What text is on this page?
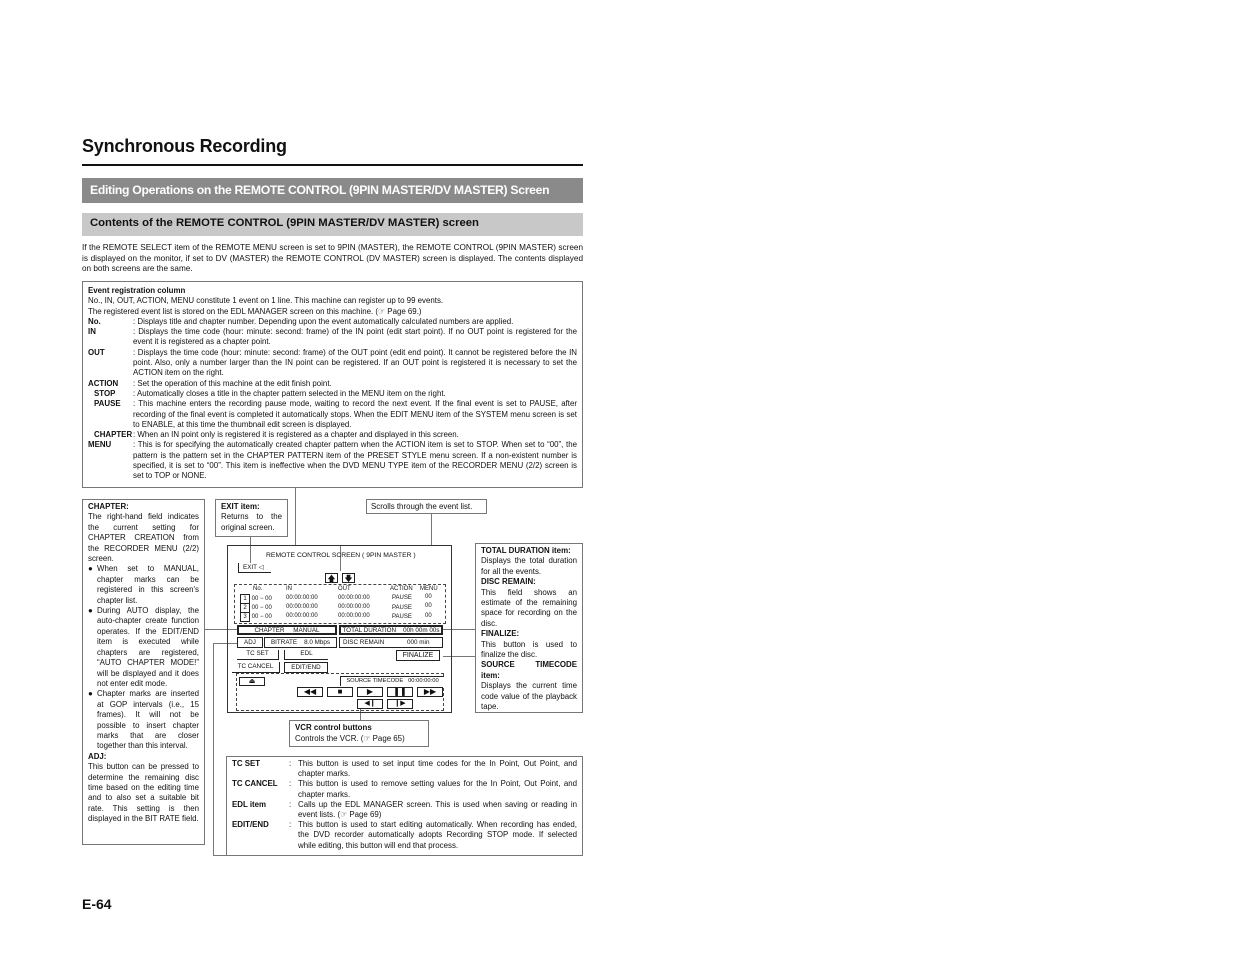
Synchronous Recording
Editing Operations on the REMOTE CONTROL (9PIN MASTER/DV MASTER) Screen
Contents of the REMOTE CONTROL (9PIN MASTER/DV MASTER) screen
If the REMOTE SELECT item of the REMOTE MENU screen is set to 9PIN (MASTER), the REMOTE CONTROL (9PIN MASTER) screen is displayed on the monitor, if set to DV (MASTER) the REMOTE CONTROL (DV MASTER) screen is displayed. The contents displayed on both screens are the same.
Event registration column
No., IN, OUT, ACTION, MENU constitute 1 event on 1 line. This machine can register up to 99 events.
The registered event list is stored on the EDL MANAGER screen on this machine. (☞ Page 69.)
No.	: Displays title and chapter number. Depending upon the event automatically calculated numbers are applied.
IN	: Displays the time code (hour: minute: second: frame) of the IN point (edit start point). If no OUT point is registered for the event it is registered as a chapter point.
OUT	: Displays the time code (hour: minute: second: frame) of the OUT point (edit end point). It cannot be registered before the IN point. Also, only a number larger than the IN point can be registered. If an OUT point is registered it is necessary to set the ACTION item on the right.
ACTION	: Set the operation of this machine at the edit finish point.
STOP	: Automatically closes a title in the chapter pattern selected in the MENU item on the right.
PAUSE	: This machine enters the recording pause mode, waiting to record the next event. If the final event is set to PAUSE, after recording of the final event is completed it automatically stops. When the EDIT MENU item of the SYSTEM menu screen is set to ENABLE, at this time the thumbnail edit screen is displayed.
CHAPTER : When an IN point only is registered it is registered as a chapter and displayed in this screen.
MENU	: This is for specifying the automatically created chapter pattern when the ACTION item is set to STOP. When set to “00”, the pattern is the pattern set in the CHAPTER PATTERN item of the PRESET STYLE menu screen. If a non-existent number is specified, it is set to “00”. This item is ineffective when the DVD MENU TYPE item of the RECORDER MENU (2/2) screen is set to TOP or NONE.

CHAPTER:

The right-hand field indicates the current setting for CHAPTER CREATION from the RECORDER MENU (2/2) screen.

● When set to MANUAL, chapter marks can be registered in this screen's chapter list.
● During AUTO display, the auto-chapter create function operates. If the EDIT/END item is executed while chapters are registered, “AUTO CHAPTER MODE!” will be displayed and it does not enter edit mode.
● Chapter marks are inserted at GOP intervals (i.e., 15 frames). It will not be possible to insert chapter marks that are closer together than this interval.

ADJ:

This button can be pressed to determine the remaining disc time based on the editing time and to also set a suitable bit rate. This setting is then displayed in the BIT RATE field.

EXIT item:
Returns to the original screen.
Scrolls through the event list.
VCR control buttons
Controls the VCR. (☞ Page 65)

TOTAL DURATION item:

Displays the total duration for all the events.

DISC REMAIN:

This field shows an estimate of the remaining space for recording on the disc.

FINALIZE:

This button is used to finalize the disc.

SOURCE TIMECODE item:

Displays the current time code value of the playback tape.

TC SET	: This button is used to set input time codes for the In Point, Out Point, and chapter marks.
TC CANCEL	: This button is used to remove setting values for the In Point, Out Point, and chapter marks.
EDL item	: Calls up the EDL MANAGER screen. This is used when saving or reading in event lists. (☞ Page 69)
EDIT/END	: This button is used to start editing automatically. When recording has ended, the DVD recorder automatically adopts Recording STOP mode. If selected while editing, this button will end that process.
REMOTE CONTROL SCREEN ( 9PIN MASTER )
EXIT ◁
🡅 🡇
No.	IN	OUT	ACTION MENU
1 00 − 00 00:00:00:00	00:00:00:00	PAUSE 00
2 00 − 00 00:00:00:00	00:00:00:00	PAUSE 00
3 00 − 00 00:00:00:00	00:00:00:00	PAUSE 00
CHAPTER MANUAL	TOTAL DURATION 00h 00m 00s
ADJ	BITRATE 8.0 Mbps	DISC REMAIN	000 min
TC SET	EDL	FINALIZE
TC CANCEL	EDIT/END
SOURCE TIMECODE 00:00:00:00
⏏
◀◀	■	▶	❚❚	▶▶
◀❙	❙▶
E-64
